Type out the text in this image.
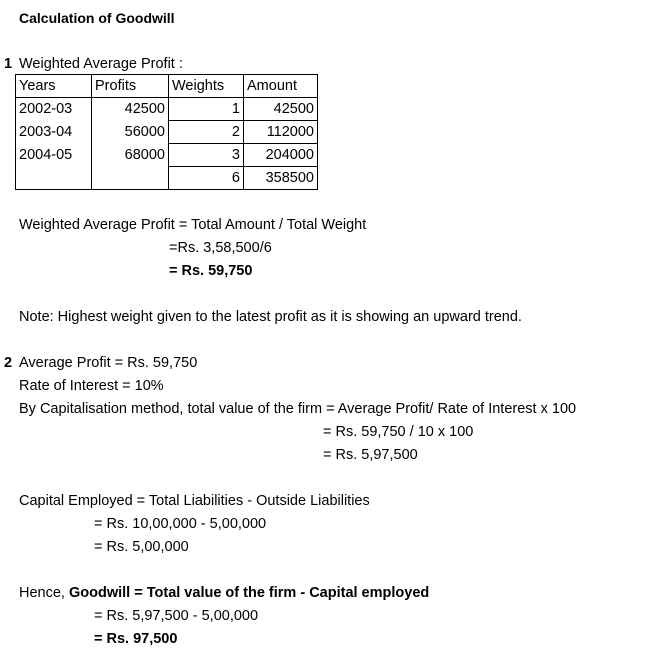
Calculation of Goodwill
1 Weighted Average Profit :
Years	Profits	Weights	Amount
2002-03	42500	1	42500
2003-04	56000	2	112000
2004-05	68000	3	204000
		6	358500
Weighted Average Profit = Total Amount / Total Weight
=Rs. 3,58,500/6
= Rs. 59,750
Note: Highest weight given to the latest profit as it is showing an upward trend.
2 Average Profit = Rs. 59,750
Rate of Interest = 10%
By Capitalisation method, total value of the firm = Average Profit/ Rate of Interest x 100
= Rs. 59,750 / 10 x 100
= Rs. 5,97,500
Capital Employed = Total Liabilities - Outside Liabilities
= Rs. 10,00,000 - 5,00,000
= Rs. 5,00,000
Hence, Goodwill = Total value of the firm - Capital employed
= Rs. 5,97,500 - 5,00,000
= Rs. 97,500
